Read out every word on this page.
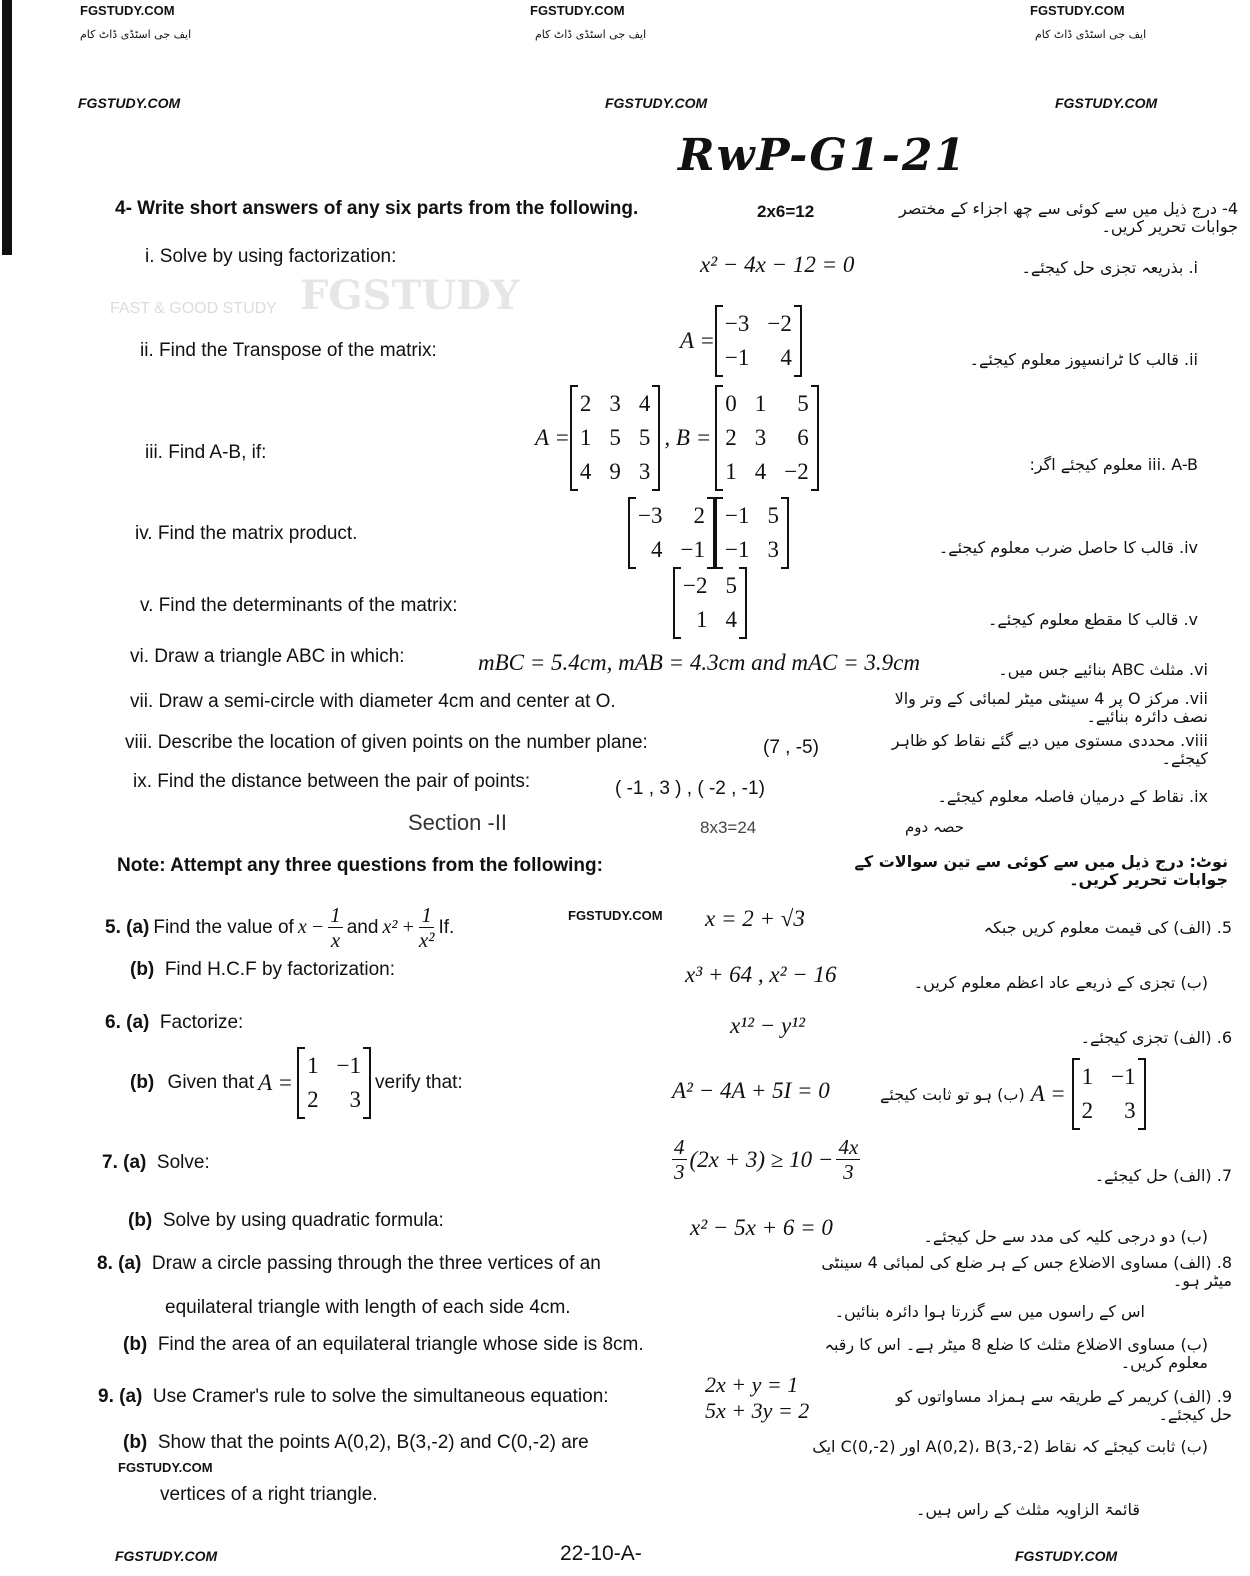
FGSTUDY.COM	FGSTUDY.COM	FGSTUDY.COM
ایف جی اسٹڈی ڈاٹ کام	ایف جی اسٹڈی ڈاٹ کام	ایف جی اسٹڈی ڈاٹ کام
FGSTUDY.COM	FGSTUDY.COM	FGSTUDY.COM
RwP-G1-21
FGSTUDY
FAST & GOOD STUDY
4- Write short answers of any six parts from the following.	2x6=12	4- درج ذیل میں سے کوئی سے چھ اجزاء کے مختصر جوابات تحریر کریں۔
i. Solve by using factorization:	x² − 4x − 12 = 0	i. بذریعہ تجزی حل کیجئے۔
ii. Find the Transpose of the matrix:	A =
−3 −2
−1	4	ii. قالب کا ٹرانسپوز معلوم کیجئے۔
iii. Find A-B, if:
A =
2 3 4
1 5 5
4 9 3
, B =
0 1	5
2 3	6
1 4 −2	iii. A-B معلوم کیجئے اگر:
iv. Find the matrix product.
−3	2
4 −1
−1 5
−1 3	iv. قالب کا حاصل ضرب معلوم کیجئے۔
v. Find the determinants of the matrix:
−2 5
1 4	v. قالب کا مقطع معلوم کیجئے۔
vi. Draw a triangle ABC in which:	mBC = 5.4cm, mAB = 4.3cm and mAC = 3.9cm	vi. مثلث ABC بنائیے جس میں۔
vii. Draw a semi-circle with diameter 4cm and center at O.	vii. مرکز O پر 4 سینٹی میٹر لمبائی کے وتر والا نصف دائرہ بنائیے۔
viii. Describe the location of given points on the number plane:	(7 , -5)	viii. محددی مستوی میں دیے گئے نقاط کو ظاہر کیجئے۔
ix. Find the distance between the pair of points:	( -1 , 3 ) , ( -2 , -1)	ix. نقاط کے درمیان فاصلہ معلوم کیجئے۔
Section -II	8x3=24	حصہ دوم
Note: Attempt any three questions from the following:	نوٹ: درج ذیل میں سے کوئی سے تین سوالات کے جوابات تحریر کریں۔
5. (a) Find the value of $x - \frac{1}{x}$ and $x^2 + \frac{1}{\text{x²}} If$.
FGSTUDY.COM x = 2 + √3	5. (الف) کی قیمت معلوم کریں جبکہ
(b) Find H.C.F by factorization:	x³ + 64 , x² − 16	(ب) تجزی کے ذریعے عاد اعظم معلوم کریں۔
6. (a) Factorize:	x¹² − y¹²	6. (الف) تجزی کیجئے۔
(b)
Given that A =
1 −1
2	3
verify that:	A² − 4A + 5I = 0	(ب) ہو تو ثابت کیجئے A =
1 −1
2	3
7. (a) Solve:	$\frac{4}{3} (2x + 3) \ge 10 - \frac{4x}{3}$	7. (الف) حل کیجئے۔
(b) Solve by using quadratic formula:	x² − 5x + 6 = 0	(ب) دو درجی کلیہ کی مدد سے حل کیجئے۔
8. (a) Draw a circle passing through the three vertices of an
equilateral triangle with length of each side 4cm.
8. (الف) مساوی الاضلاع جس کے ہر ضلع کی لمبائی 4 سینٹی میٹر ہو۔
اس کے راسوں میں سے گزرتا ہوا دائرہ بنائیں۔
(b) Find the area of an equilateral triangle whose side is 8cm.	(ب) مساوی الاضلاع مثلث کا ضلع 8 میٹر ہے۔ اس کا رقبہ معلوم کریں۔
9. (a) Use Cramer's rule to solve the simultaneous equation:	2x + y = 1
5x + 3y = 2
9. (الف) کریمر کے طریقہ سے ہمزاد مساواتوں کو حل کیجئے۔
(b) Show that the points A(0,2), B(3,-2) and C(0,-2) are
FGSTUDY.COM
vertices of a right triangle.
(ب) ثابت کیجئے کہ نقاط A(0,2)، B(3,-2) اور C(0,-2) ایک
قائمۃ الزاویہ مثلث کے راس ہیں۔
FGSTUDY.COM	22-10-A-	FGSTUDY.COM
